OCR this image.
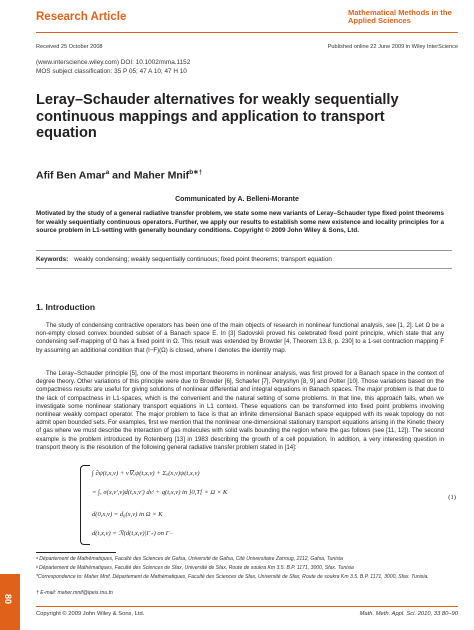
Research Article	Mathematical Methods in the Applied Sciences
Received 25 October 2008	Published online 22 June 2009 in Wiley InterScience
(www.interscience.wiley.com) DOI: 10.1002/mma.1152
MOS subject classification: 35 P 05; 47 A 10; 47 H 10
Leray–Schauder alternatives for weakly sequentially continuous mappings and application to transport equation
Afif Ben Amar$^a$ and Maher Mnif$^{b∗\dagger}$
Communicated by A. Belleni-Morante

Motivated by the study of a general radiative transfer problem, we state some new variants of Leray–Schauder type fixed point theorems for weakly sequentially continuous operators. Further, we apply our results to establish some new existence and locality principles for a source problem in L1-setting with generally boundary conditions. Copyright © 2009 John Wiley & Sons, Ltd.

Keywords: weakly condensing; weakly sequentially continuous; fixed point theorems; transport equation
1. Introduction

The study of condensing contractive operators has been one of the main objects of research in nonlinear functional analysis, see [1, 2]. Let Ω be a non-empty closed convex bounded subset of a Banach space E. In [3] Sadovskii proved his celebrated fixed point principle, which state that any condensing self-mapping of Ω has a fixed point in Ω. This result was extended by Browder [4, Theorem 13.8, p. 230] to a 1-set contraction mapping F by assuming an additional condition that (I−F)(Ω) is closed, where I denotes the identity map.

The Leray–Schauder principle [5], one of the most important theorems in nonlinear analysis, was first proved for a Banach space in the context of degree theory. Other variations of this principle were due to Browder [6], Schaefer [7], Petryshyn [8, 9] and Potter [10]. Those variations based on the compactness results are useful for giving solutions of nonlinear differential and integral equations in Banach spaces. The major problem is that due to the lack of compactness in L1-spaces, which is the convenient and the natural setting of some problems. In that line, this approach fails, when we investigate some nonlinear stationary transport equations in L1 context. These equations can be transformed into fixed point problems involving nonlinear weakly compact operator. The major problem to face is that an infinite dimensional Banach space equipped with its weak topology do not admit open bounded sets. For examples, first we mention that the nonlinear one-dimensional stationary transport equations arising in the Kinetic theory of gas where we must describe the interaction of gas molecules with solid walls bounding the region where the gas follows (see [11, 12]). The second example is the problem introduced by Rotenberg [13] in 1983 describing the growth of a cell population. In addition, a very interesting question in transport theory is the resolution of the following general radiative transfer problem stated in [14]:

∫ ∂ψ(t,x,v) + v∇ₓψ(t,x,v) + Σₐ(x,v)ψ(t,x,v)
= ∫ᵥ σ(x,v′,v)d(t,x,v′) dv′ + q(t,x,v) in ]0,T[ × Ω × K
d(0,x,v) = d₀(x,v) in Ω × K
d(t,x,v) = ℛ(d(t,x,v)|Γ₊) on Γ₋
(1)
ᵃ Département de Mathématiques, Faculté des Sciences de Gafsa, Université de Gafsa, Cité Universitaire Zarroug, 2112, Gafsa, Tunisia
ᵇ Département de Mathématiques, Faculté des Sciences de Sfax, Université de Sfax, Route de soukra Km 3.5. B.P. 1171, 3000, Sfax. Tunisia
*Correspondence to: Maher Mnif, Département de Mathématiques, Faculté des Sciences de Sfax, Université de Sfax, Route de soukra Km 3.5. B.P. 1171, 3000, Sfax. Tunisia.
† E-mail: maher.mnif@ipeis.rnu.tn
Copyright © 2009 John Wiley & Sons, Ltd.	Math. Meth. Appl. Sci. 2010, 33 80–90
80
